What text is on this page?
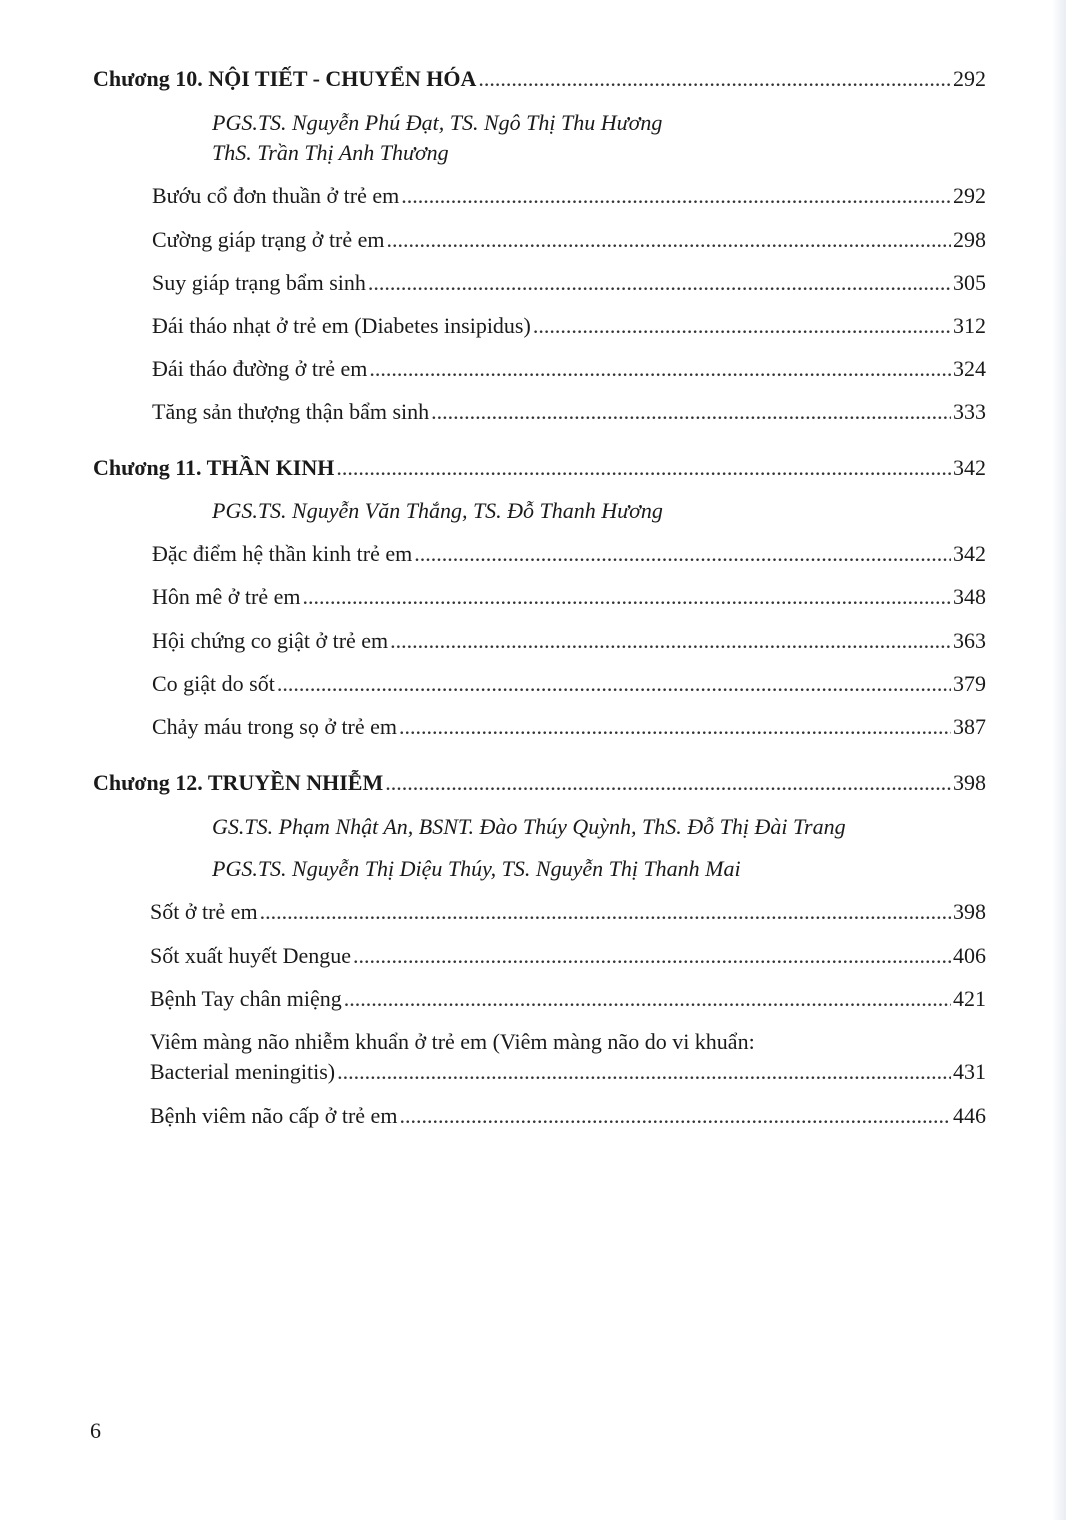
Chương 10. NỘI TIẾT - CHUYỂN HÓA .....	292
PGS.TS. Nguyễn Phú Đạt, TS. Ngô Thị Thu Hương
ThS. Trần Thị Anh Thương
Bướu cổ đơn thuần ở trẻ em .....	292
Cường giáp trạng ở trẻ em .....	298
Suy giáp trạng bẩm sinh .....	305
Đái tháo nhạt ở trẻ em (Diabetes insipidus) .....	312
Đái tháo đường ở trẻ em .....	324
Tăng sản thượng thận bẩm sinh .....	333
Chương 11. THẦN KINH .....	342
PGS.TS. Nguyễn Văn Thắng, TS. Đỗ Thanh Hương
Đặc điểm hệ thần kinh trẻ em .....	342
Hôn mê ở trẻ em .....	348
Hội chứng co giật ở trẻ em .....	363
Co giật do sốt .....	379
Chảy máu trong sọ ở trẻ em .....	387
Chương 12. TRUYỀN NHIỄM .....	398
GS.TS. Phạm Nhật An, BSNT. Đào Thúy Quỳnh, ThS. Đỗ Thị Đài Trang
PGS.TS. Nguyễn Thị Diệu Thúy, TS. Nguyễn Thị Thanh Mai
Sốt ở trẻ em .....	398
Sốt xuất huyết Dengue .....	406
Bệnh Tay chân miệng .....	421
Viêm màng não nhiễm khuẩn ở trẻ em (Viêm màng não do vi khuẩn:
Bacterial meningitis) .....	431
Bệnh viêm não cấp ở trẻ em .....	446
6
